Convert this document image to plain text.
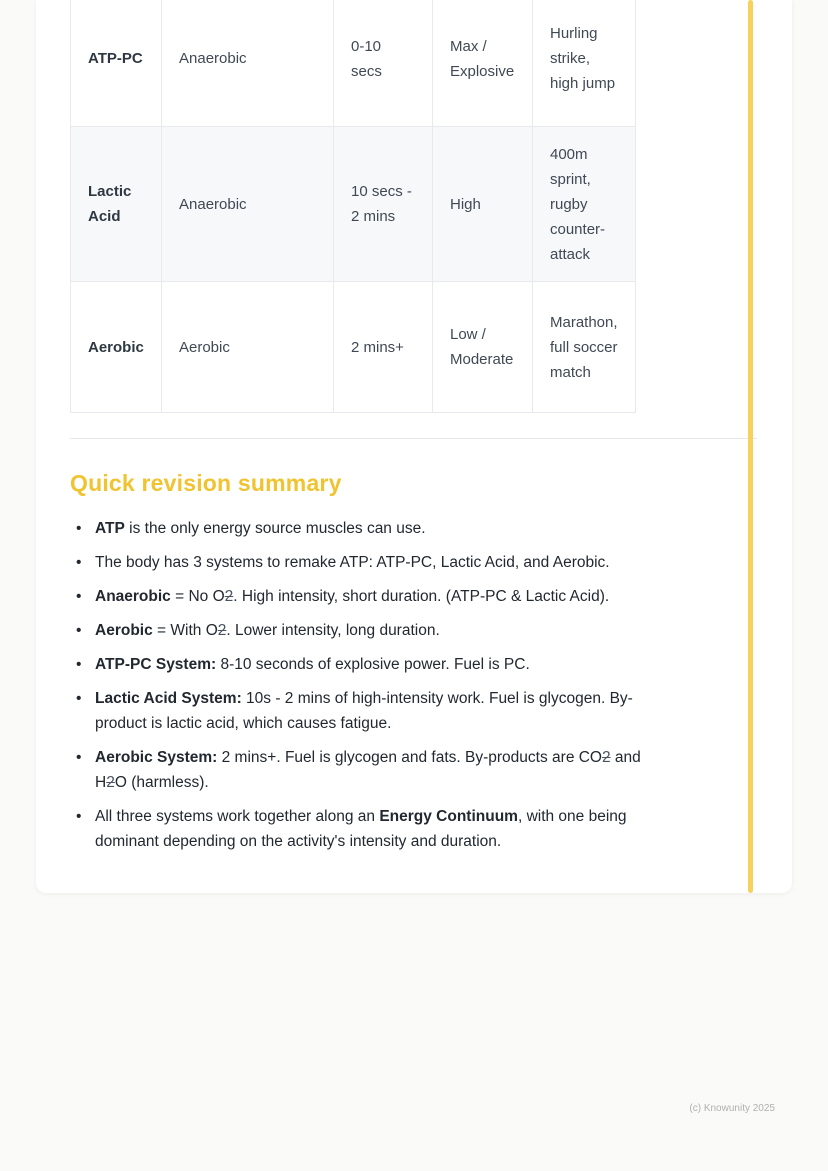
ATP-PC	Anaerobic	0-10 secs	Max / Explosive	Hurling strike, high jump
Lactic Acid	Anaerobic	10 secs - 2 mins	High	400m sprint, rugby counter-attack
Aerobic	Aerobic	2 mins+	Low / Moderate	Marathon, full soccer match
Quick revision summary
• ATP is the only energy source muscles can use.
• The body has 3 systems to remake ATP: ATP-PC, Lactic Acid, and Aerobic.
• Anaerobic = No O2. High intensity, short duration. (ATP-PC & Lactic Acid).
• Aerobic = With O2. Lower intensity, long duration.
• ATP-PC System: 8-10 seconds of explosive power. Fuel is PC.
• Lactic Acid System: 10s - 2 mins of high-intensity work. Fuel is glycogen. By-product is lactic acid, which causes fatigue.
• Aerobic System: 2 mins+. Fuel is glycogen and fats. By-products are CO2 and H2O (harmless).
• All three systems work together along an Energy Continuum, with one being dominant depending on the activity's intensity and duration.
(c) Knowunity 2025
